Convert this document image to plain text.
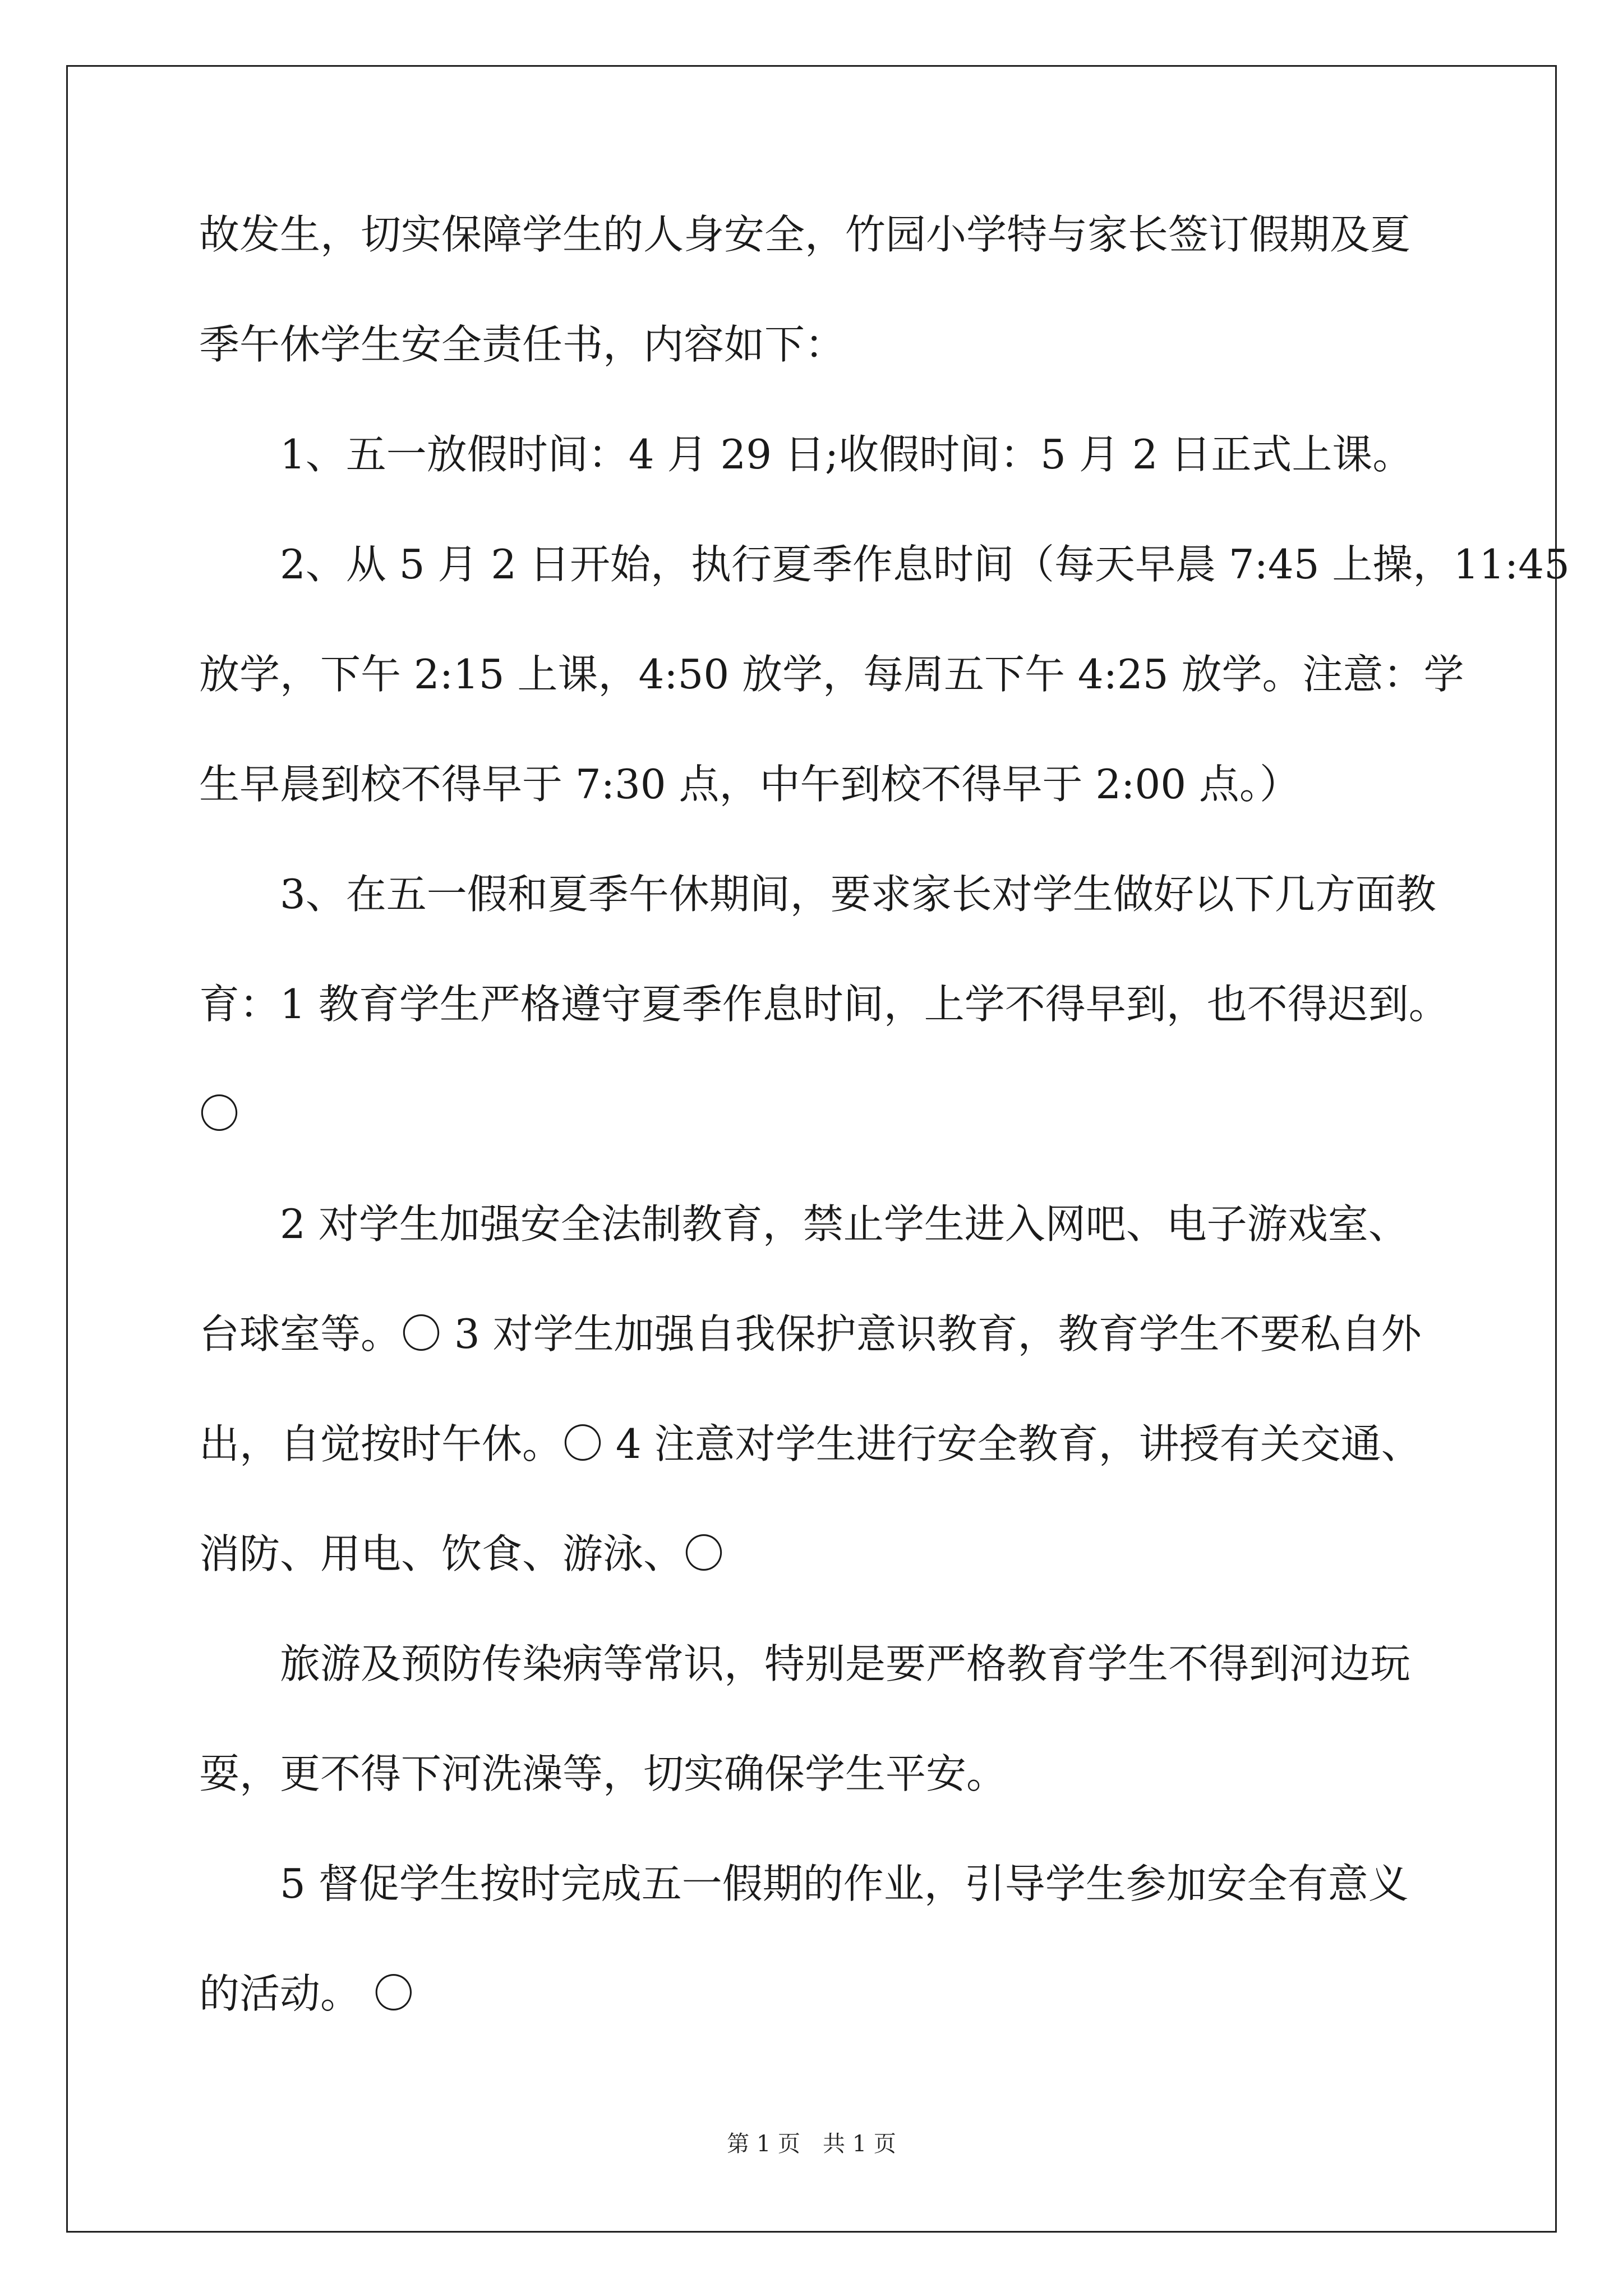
故发生，切实保障学生的人身安全，竹园小学特与家长签订假期及夏
季午休学生安全责任书，内容如下：
1、五一放假时间：4 月 29 日;收假时间：5 月 2 日正式上课。
2、从 5 月 2 日开始，执行夏季作息时间（每天早晨 7:45 上操，11:45
放学，下午 2:15 上课，4:50 放学，每周五下午 4:25 放学。注意：学
生早晨到校不得早于 7:30 点，中午到校不得早于 2:00 点。）
3、在五一假和夏季午休期间，要求家长对学生做好以下几方面教
育：1 教育学生严格遵守夏季作息时间，上学不得早到，也不得迟到。
〇
2 对学生加强安全法制教育，禁止学生进入网吧、电子游戏室、
台球室等。〇 3 对学生加强自我保护意识教育，教育学生不要私自外
出，自觉按时午休。〇 4 注意对学生进行安全教育，讲授有关交通、
消防、用电、饮食、游泳、〇
旅游及预防传染病等常识，特别是要严格教育学生不得到河边玩
耍，更不得下河洗澡等，切实确保学生平安。
5 督促学生按时完成五一假期的作业，引导学生参加安全有意义
的活动。 〇
第 1 页　共 1 页
